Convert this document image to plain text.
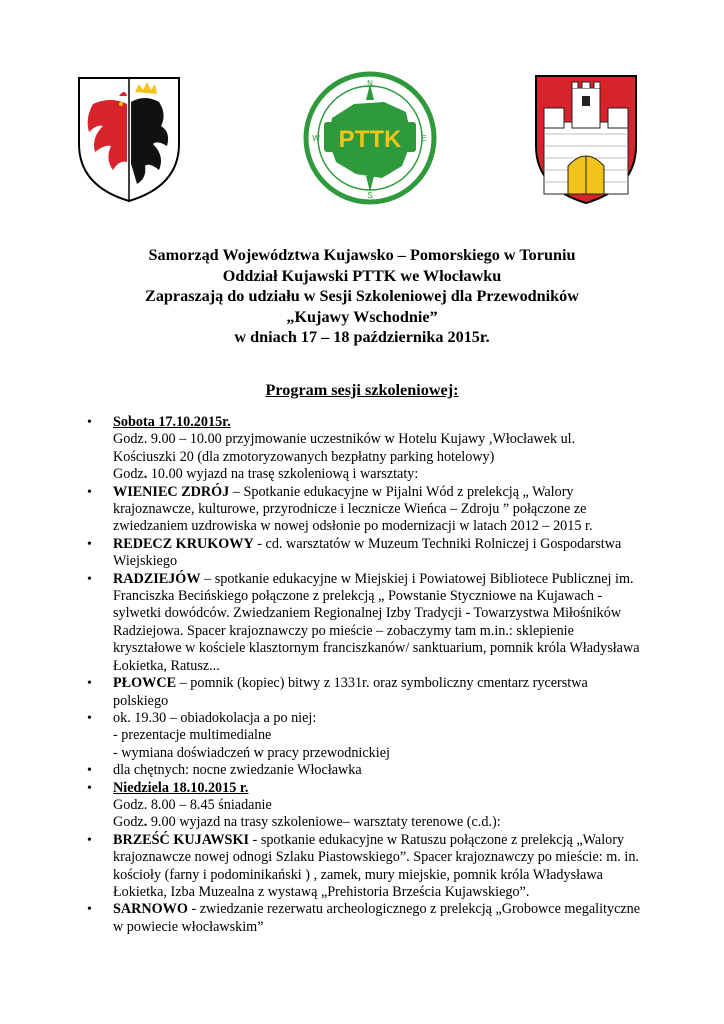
PTTK
N
E
S
W
Samorząd Województwa Kujawsko – Pomorskiego w Toruniu
Oddział Kujawski PTTK we Włocławku
Zapraszają do udziału w Sesji Szkoleniowej dla Przewodników
„Kujawy Wschodnie”
w dniach 17 – 18 października 2015r.
Program sesji szkoleniowej:
• Sobota 17.10.2015r.
Godz. 9.00 – 10.00 przyjmowanie uczestników w Hotelu Kujawy ,Włocławek ul.
Kościuszki 20 (dla zmotoryzowanych bezpłatny parking hotelowy)
Godz. 10.00 wyjazd na trasę szkoleniową i warsztaty:
• WIENIEC ZDRÓJ – Spotkanie edukacyjne w Pijalni Wód z prelekcją „ Walory
krajoznawcze, kulturowe, przyrodnicze i lecznicze Wieńca – Zdroju ” połączone ze
zwiedzaniem uzdrowiska w nowej odsłonie po modernizacji w latach 2012 – 2015 r.
• REDECZ KRUKOWY - cd. warsztatów w Muzeum Techniki Rolniczej i Gospodarstwa
Wiejskiego
• RADZIEJÓW – spotkanie edukacyjne w Miejskiej i Powiatowej Bibliotece Publicznej im.
Franciszka Becińskiego połączone z prelekcją „ Powstanie Styczniowe na Kujawach -
sylwetki dowódców. Zwiedzaniem Regionalnej Izby Tradycji - Towarzystwa Miłośników
Radziejowa. Spacer krajoznawczy po mieście – zobaczymy tam m.in.: sklepienie
kryształowe w kościele klasztornym franciszkanów/ sanktuarium, pomnik króla Władysława
Łokietka, Ratusz...
• PŁOWCE – pomnik (kopiec) bitwy z 1331r. oraz symboliczny cmentarz rycerstwa
polskiego
• ok. 19.30 – obiadokolacja a po niej:
- prezentacje multimedialne
- wymiana doświadczeń w pracy przewodnickiej
• dla chętnych: nocne zwiedzanie Włocławka
• Niedziela 18.10.2015 r.
Godz. 8.00 – 8.45 śniadanie
Godz. 9.00 wyjazd na trasy szkoleniowe– warsztaty terenowe (c.d.):
• BRZEŚĆ KUJAWSKI - spotkanie edukacyjne w Ratuszu połączone z prelekcją „Walory
krajoznawcze nowej odnogi Szlaku Piastowskiego”. Spacer krajoznawczy po mieście: m. in.
kościoły (farny i podominikański ) , zamek, mury miejskie, pomnik króla Władysława
Łokietka, Izba Muzealna z wystawą „Prehistoria Brześcia Kujawskiego”.
• SARNOWO - zwiedzanie rezerwatu archeologicznego z prelekcją „Grobowce megalityczne
w powiecie włocławskim”
